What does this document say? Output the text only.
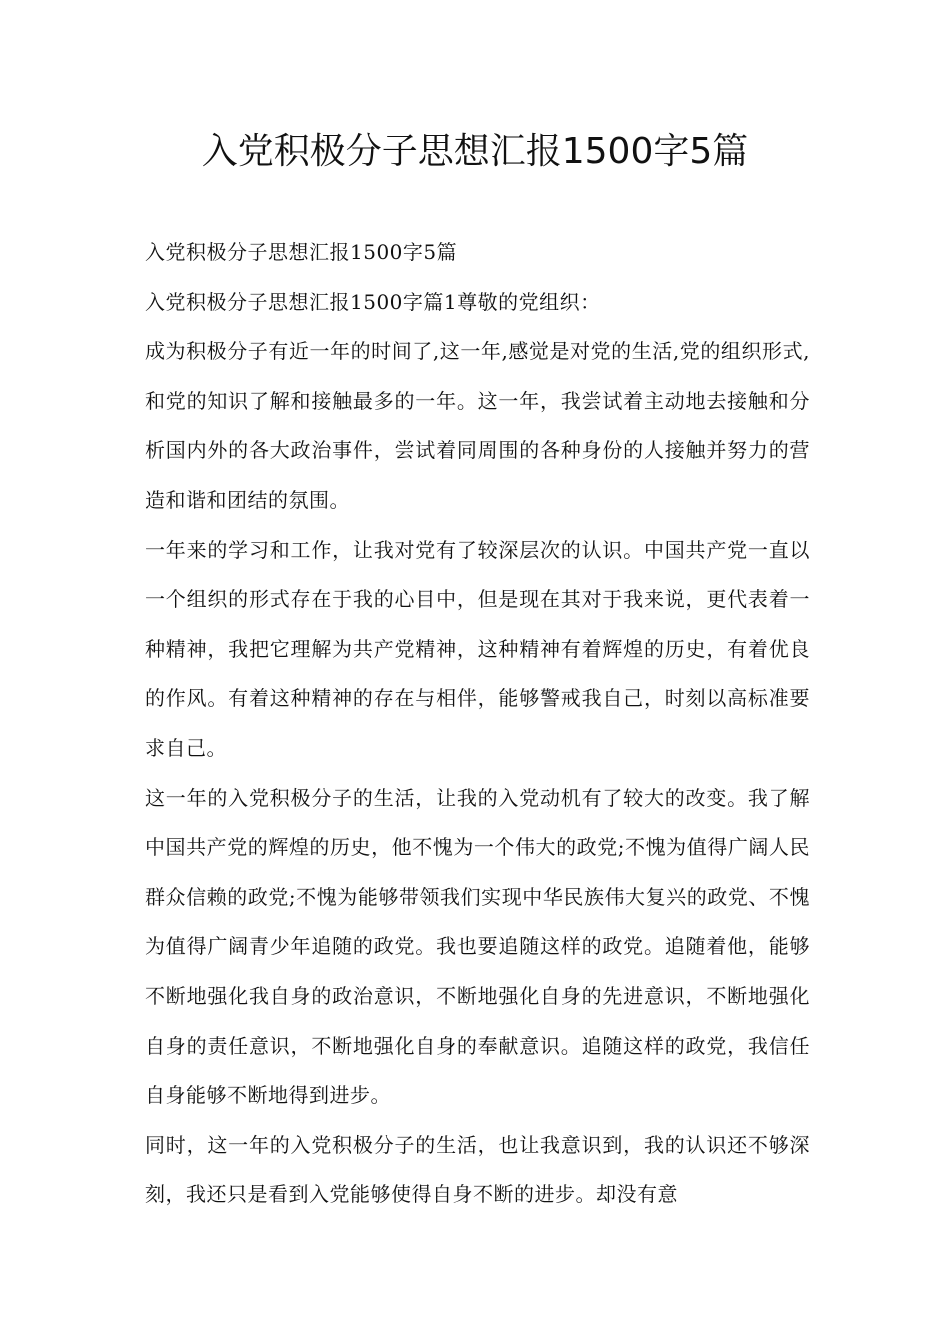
入党积极分子思想汇报1500字5篇

入党积极分子思想汇报1500字5篇

入党积极分子思想汇报1500字篇1尊敬的党组织：

成为积极分子有近一年的时间了,这一年,感觉是对党的生活,党的组织形式,和党的知识了解和接触最多的一年。这一年，我尝试着主动地去接触和分析国内外的各大政治事件，尝试着同周围的各种身份的人接触并努力的营造和谐和团结的氛围。

一年来的学习和工作，让我对党有了较深层次的认识。中国共产党一直以一个组织的形式存在于我的心目中，但是现在其对于我来说，更代表着一种精神，我把它理解为共产党精神，这种精神有着辉煌的历史，有着优良的作风。有着这种精神的存在与相伴，能够警戒我自己，时刻以高标准要求自己。

这一年的入党积极分子的生活，让我的入党动机有了较大的改变。我了解中国共产党的辉煌的历史，他不愧为一个伟大的政党;不愧为值得广阔人民群众信赖的政党;不愧为能够带领我们实现中华民族伟大复兴的政党、不愧为值得广阔青少年追随的政党。我也要追随这样的政党。追随着他，能够不断地强化我自身的政治意识，不断地强化自身的先进意识，不断地强化自身的责任意识，不断地强化自身的奉献意识。追随这样的政党，我信任自身能够不断地得到进步。

同时，这一年的入党积极分子的生活，也让我意识到，我的认识还不够深刻，我还只是看到入党能够使得自身不断的进步。却没有意
